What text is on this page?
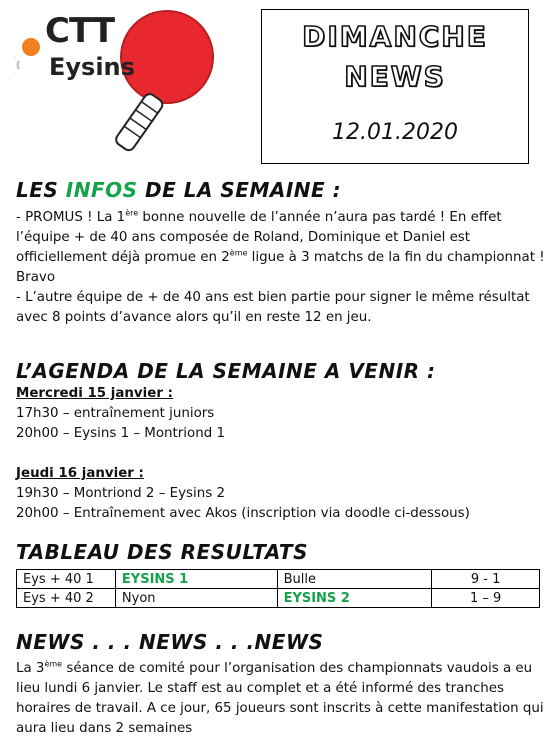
CTT
Eysins
DIMANCHE
NEWS
12.01.2020
LES INFOS DE LA SEMAINE :
- PROMUS ! La 1ère bonne nouvelle de l’année n’aura pas tardé ! En effet
l’équipe + de 40 ans composée de Roland, Dominique et Daniel est
officiellement déjà promue en 2ème ligue à 3 matchs de la fin du championnat !
Bravo
- L’autre équipe de + de 40 ans est bien partie pour signer le même résultat
avec 8 points d’avance alors qu’il en reste 12 en jeu.
L’AGENDA DE LA SEMAINE A VENIR :
Mercredi 15 janvier :
17h30 – entraînement juniors
20h00 – Eysins 1 – Montriond 1
Jeudi 16 janvier :
19h30 – Montriond 2 – Eysins 2
20h00 – Entraînement avec Akos (inscription via doodle ci-dessous)
TABLEAU DES RESULTATS
Eys + 40 1	EYSINS 1	Bulle	9 - 1
Eys + 40 2	Nyon	EYSINS 2	1 – 9
NEWS . . . NEWS . . .NEWS
La 3ème séance de comité pour l’organisation des championnats vaudois a eu
lieu lundi 6 janvier. Le staff est au complet et a été informé des tranches
horaires de travail. A ce jour, 65 joueurs sont inscrits à cette manifestation qui
aura lieu dans 2 semaines
